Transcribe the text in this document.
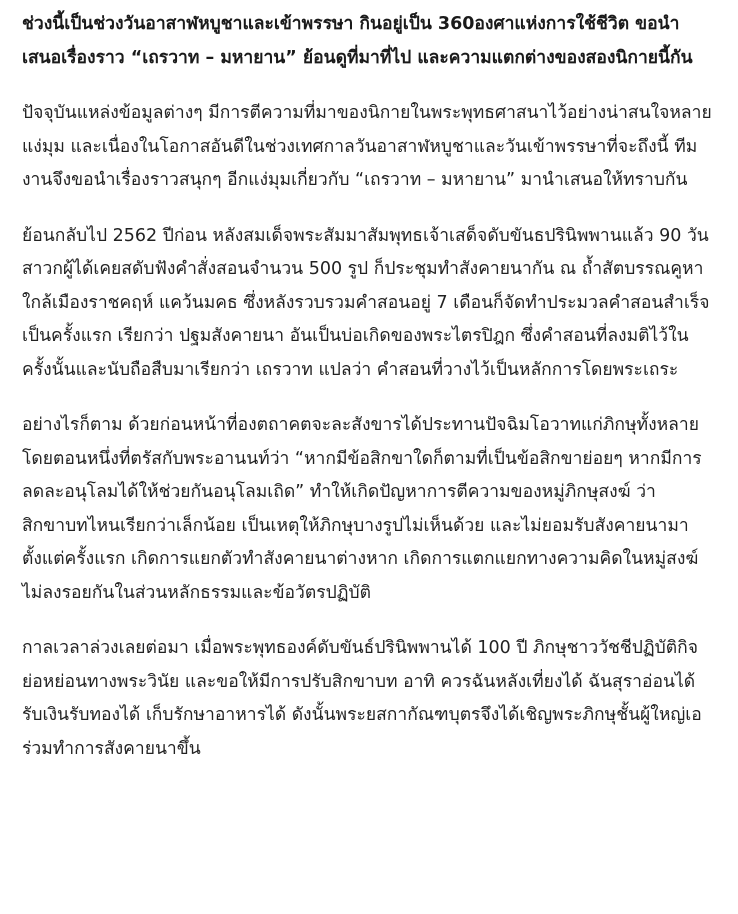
ช่วงนี้เป็นช่วงวันอาสาฬหบูชาและเข้าพรรษา กินอยู่เป็น 360องศาแห่งการใช้ชีวิต ขอนำเสนอเรื่องราว “เถรวาท – มหายาน” ย้อนดูที่มาที่ไป และความแตกต่างของสองนิกายนี้กัน

ปัจจุบันแหล่งข้อมูลต่างๆ มีการตีความที่มาของนิกายในพระพุทธศาสนาไว้อย่างน่าสนใจหลายแง่มุม และเนื่องในโอกาสอันดีในช่วงเทศกาลวันอาสาฬหบูชาและวันเข้าพรรษาที่จะถึงนี้ ทีมงานจึงขอนำเรื่องราวสนุกๆ อีกแง่มุมเกี่ยวกับ “เถรวาท – มหายาน” มานำเสนอให้ทราบกัน

ย้อนกลับไป 2562 ปีก่อน หลังสมเด็จพระสัมมาสัมพุทธเจ้าเสด็จดับขันธปรินิพพานแล้ว 90 วัน สาวกผู้ได้เคยสดับฟังคำสั่งสอนจำนวน 500 รูป ก็ประชุมทำสังคายนากัน ณ ถ้ำสัตบรรณคูหา ใกล้เมืองราชคฤห์ แคว้นมคธ ซึ่งหลังรวบรวมคำสอนอยู่ 7 เดือนก็จัดทำประมวลคำสอนสำเร็จเป็นครั้งแรก เรียกว่า ปฐมสังคายนา อันเป็นบ่อเกิดของพระไตรปิฎก ซึ่งคำสอนที่ลงมติไว้ในครั้งนั้นและนับถือสืบมาเรียกว่า เถรวาท แปลว่า คำสอนที่วางไว้เป็นหลักการโดยพระเถระ

อย่างไรก็ตาม ด้วยก่อนหน้าที่องตถาคตจะละสังขารได้ประทานปัจฉิมโอวาทแก่ภิกษุทั้งหลาย โดยตอนหนึ่งที่ตรัสกับพระอานนท์ว่า “หากมีข้อสิกขาใดก็ตามที่เป็นข้อสิกขาย่อยๆ หากมีการลดละอนุโลมได้ให้ช่วยกันอนุโลมเถิด” ทำให้เกิดปัญหาการตีความของหมู่ภิกษุสงฆ์ ว่า สิกขาบทไหนเรียกว่าเล็กน้อย เป็นเหตุให้ภิกษุบางรูปไม่เห็นด้วย และไม่ยอมรับสังคายนามาตั้งแต่ครั้งแรก เกิดการแยกตัวทำสังคายนาต่างหาก เกิดการแตกแยกทางความคิดในหมู่สงฆ์ ไม่ลงรอยกันในส่วนหลักธรรมและข้อวัตรปฏิบัติ

กาลเวลาล่วงเลยต่อมา เมื่อพระพุทธองค์ดับขันธ์ปรินิพพานได้ 100 ปี ภิกษุชาววัชชีปฏิบัติกิจย่อหย่อนทางพระวินัย และขอให้มีการปรับสิกขาบท อาทิ ควรฉันหลังเที่ยงได้ ฉันสุราอ่อนได้ รับเงินรับทองได้ เก็บรักษาอาหารได้ ดังนั้นพระยสกากัณฑบุตรจึงได้เชิญพระภิกษุชั้นผู้ใหญ่เอร่วมทำการสังคายนาขึ้น
